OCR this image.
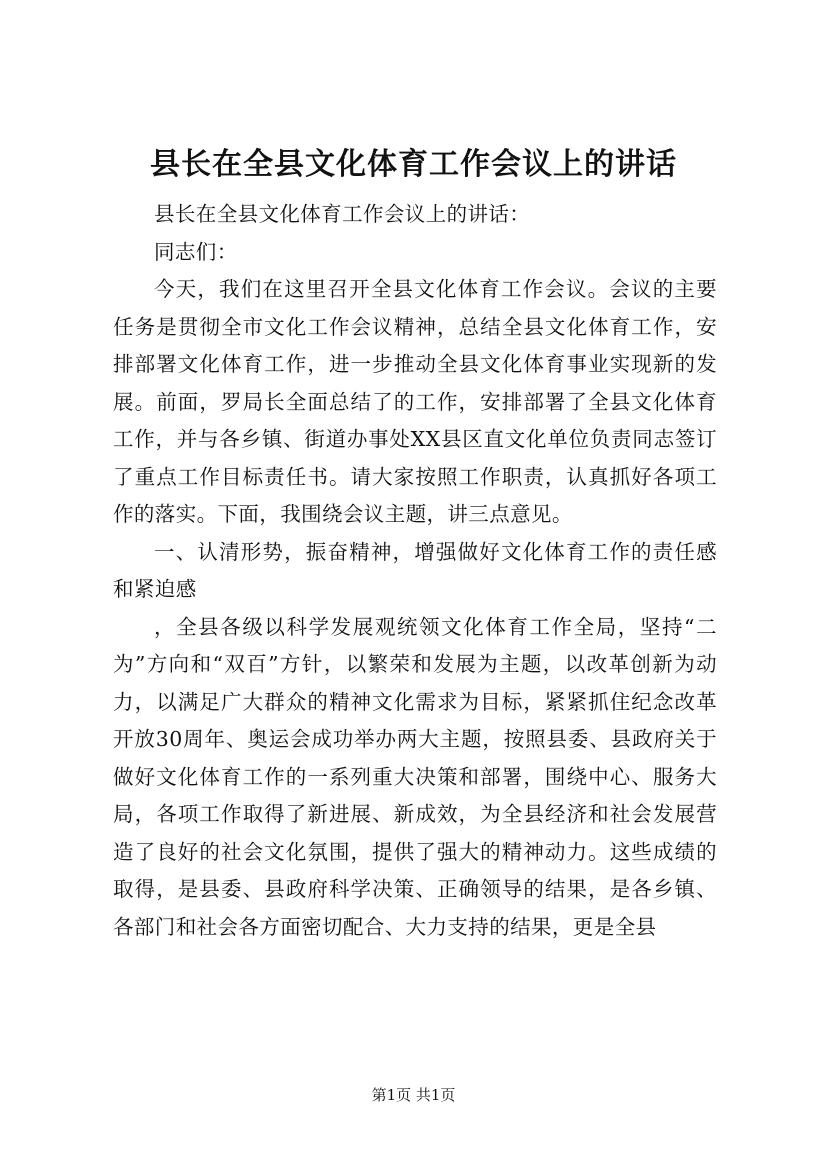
县长在全县文化体育工作会议上的讲话

县长在全县文化体育工作会议上的讲话：

同志们：

今天，我们在这里召开全县文化体育工作会议。会议的主要任务是贯彻全市文化工作会议精神，总结全县文化体育工作，安排部署文化体育工作，进一步推动全县文化体育事业实现新的发展。前面，罗局长全面总结了的工作，安排部署了全县文化体育工作，并与各乡镇、街道办事处XX县区直文化单位负责同志签订了重点工作目标责任书。请大家按照工作职责，认真抓好各项工作的落实。下面，我围绕会议主题，讲三点意见。

一、认清形势，振奋精神，增强做好文化体育工作的责任感和紧迫感

，全县各级以科学发展观统领文化体育工作全局，坚持“二为”方向和“双百”方针，以繁荣和发展为主题，以改革创新为动力，以满足广大群众的精神文化需求为目标，紧紧抓住纪念改革开放30周年、奥运会成功举办两大主题，按照县委、县政府关于做好文化体育工作的一系列重大决策和部署，围绕中心、服务大局，各项工作取得了新进展、新成效，为全县经济和社会发展营造了良好的社会文化氛围，提供了强大的精神动力。这些成绩的取得，是县委、县政府科学决策、正确领导的结果，是各乡镇、各部门和社会各方面密切配合、大力支持的结果，更是全县

第1页 共1页
